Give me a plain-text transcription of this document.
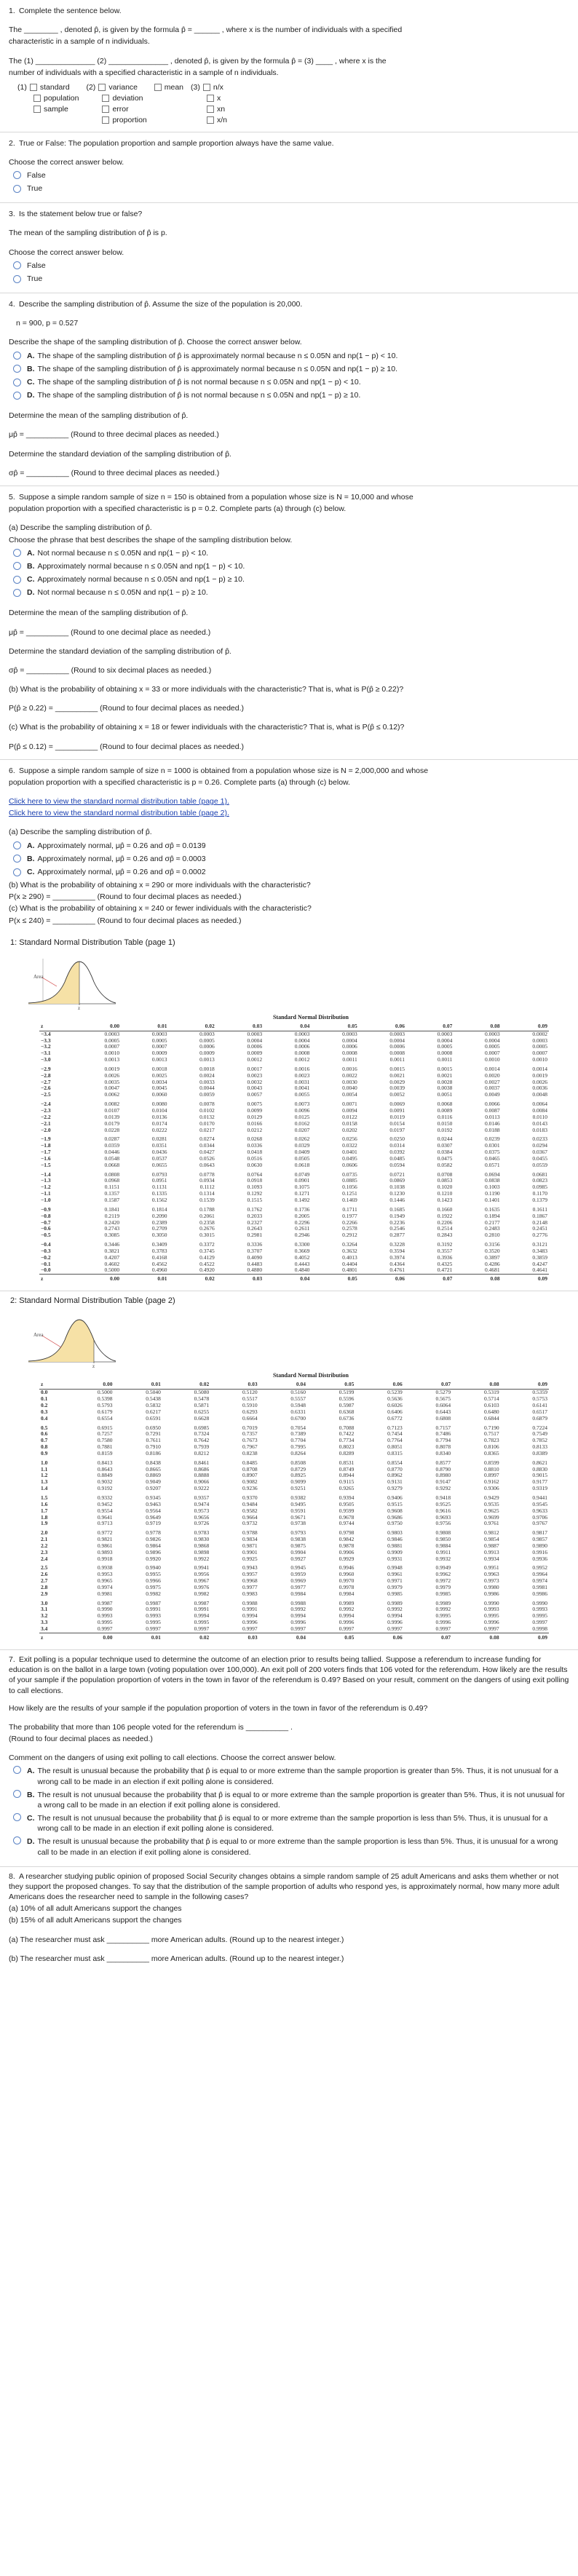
1. Complete the sentence below.
The ________ , denoted p̂, is given by the formula p̂ = ______ , where x is the number of individuals with a specified
characteristic in a sample of n individuals.
The (1) ______________ (2) ______________ , denoted p̂, is given by the formula p̂ = (3) ____ , where x is the
number of individuals with a specified characteristic in a sample of n individuals.
(1) standard
population
sample
(2) variance
deviation
error
proportion
mean (3) n/x
x
xn
x/n
2. True or False: The population proportion and sample proportion always have the same value.
Choose the correct answer below.
False
True
3. Is the statement below true or false?
The mean of the sampling distribution of p̂ is p.
Choose the correct answer below.
False
True
4. Describe the sampling distribution of p̂. Assume the size of the population is 20,000.
n = 900, p = 0.527
Describe the shape of the sampling distribution of p̂. Choose the correct answer below.
A. The shape of the sampling distribution of p̂ is approximately normal because n ≤ 0.05N and np(1 − p) < 10.
B. The shape of the sampling distribution of p̂ is approximately normal because n ≤ 0.05N and np(1 − p) ≥ 10.
C. The shape of the sampling distribution of p̂ is not normal because n ≤ 0.05N and np(1 − p) < 10.
D. The shape of the sampling distribution of p̂ is not normal because n ≤ 0.05N and np(1 − p) ≥ 10.
Determine the mean of the sampling distribution of p̂.
μp̂ = __________ (Round to three decimal places as needed.)
Determine the standard deviation of the sampling distribution of p̂.
σp̂ = __________ (Round to three decimal places as needed.)
5. Suppose a simple random sample of size n = 150 is obtained from a population whose size is N = 10,000 and whose
population proportion with a specified characteristic is p = 0.2. Complete parts (a) through (c) below.
(a) Describe the sampling distribution of p̂.
Choose the phrase that best describes the shape of the sampling distribution below.
A. Not normal because n ≤ 0.05N and np(1 − p) < 10.
B. Approximately normal because n ≤ 0.05N and np(1 − p) < 10.
C. Approximately normal because n ≤ 0.05N and np(1 − p) ≥ 10.
D. Not normal because n ≤ 0.05N and np(1 − p) ≥ 10.
Determine the mean of the sampling distribution of p̂.
μp̂ = __________ (Round to one decimal place as needed.)
Determine the standard deviation of the sampling distribution of p̂.
σp̂ = __________ (Round to six decimal places as needed.)
(b) What is the probability of obtaining x = 33 or more individuals with the characteristic? That is, what is P(p̂ ≥ 0.22)?
P(p̂ ≥ 0.22) = __________ (Round to four decimal places as needed.)
(c) What is the probability of obtaining x = 18 or fewer individuals with the characteristic? That is, what is P(p̂ ≤ 0.12)?
P(p̂ ≤ 0.12) = __________ (Round to four decimal places as needed.)
6. Suppose a simple random sample of size n = 1000 is obtained from a population whose size is N = 2,000,000 and whose
population proportion with a specified characteristic is p = 0.26. Complete parts (a) through (c) below.
Click here to view the standard normal distribution table (page 1).
Click here to view the standard normal distribution table (page 2).
(a) Describe the sampling distribution of p̂.
A. Approximately normal, μp̂ = 0.26 and σp̂ ≈ 0.0139
B. Approximately normal, μp̂ = 0.26 and σp̂ ≈ 0.0003
C. Approximately normal, μp̂ = 0.26 and σp̂ ≈ 0.0002
(b) What is the probability of obtaining x = 290 or more individuals with the characteristic?
P(x ≥ 290) = __________ (Round to four decimal places as needed.)
(c) What is the probability of obtaining x = 240 or fewer individuals with the characteristic?
P(x ≤ 240) = __________ (Round to four decimal places as needed.)
1: Standard Normal Distribution Table (page 1)
Area
z
Standard Normal Distribution
z	0.00	0.01	0.02	0.03	0.04	0.05	0.06	0.07	0.08	0.09
−3.4	0.0003	0.0003	0.0003	0.0003	0.0003	0.0003	0.0003	0.0003	0.0003	0.0002
−3.3	0.0005	0.0005	0.0005	0.0004	0.0004	0.0004	0.0004	0.0004	0.0004	0.0003
−3.2	0.0007	0.0007	0.0006	0.0006	0.0006	0.0006	0.0006	0.0005	0.0005	0.0005
−3.1	0.0010	0.0009	0.0009	0.0009	0.0008	0.0008	0.0008	0.0008	0.0007	0.0007
−3.0	0.0013	0.0013	0.0013	0.0012	0.0012	0.0011	0.0011	0.0011	0.0010	0.0010
−2.9	0.0019	0.0018	0.0018	0.0017	0.0016	0.0016	0.0015	0.0015	0.0014	0.0014
−2.8	0.0026	0.0025	0.0024	0.0023	0.0023	0.0022	0.0021	0.0021	0.0020	0.0019
−2.7	0.0035	0.0034	0.0033	0.0032	0.0031	0.0030	0.0029	0.0028	0.0027	0.0026
−2.6	0.0047	0.0045	0.0044	0.0043	0.0041	0.0040	0.0039	0.0038	0.0037	0.0036
−2.5	0.0062	0.0060	0.0059	0.0057	0.0055	0.0054	0.0052	0.0051	0.0049	0.0048
−2.4	0.0082	0.0080	0.0078	0.0075	0.0073	0.0071	0.0069	0.0068	0.0066	0.0064
−2.3	0.0107	0.0104	0.0102	0.0099	0.0096	0.0094	0.0091	0.0089	0.0087	0.0084
−2.2	0.0139	0.0136	0.0132	0.0129	0.0125	0.0122	0.0119	0.0116	0.0113	0.0110
−2.1	0.0179	0.0174	0.0170	0.0166	0.0162	0.0158	0.0154	0.0150	0.0146	0.0143
−2.0	0.0228	0.0222	0.0217	0.0212	0.0207	0.0202	0.0197	0.0192	0.0188	0.0183
−1.9	0.0287	0.0281	0.0274	0.0268	0.0262	0.0256	0.0250	0.0244	0.0239	0.0233
−1.8	0.0359	0.0351	0.0344	0.0336	0.0329	0.0322	0.0314	0.0307	0.0301	0.0294
−1.7	0.0446	0.0436	0.0427	0.0418	0.0409	0.0401	0.0392	0.0384	0.0375	0.0367
−1.6	0.0548	0.0537	0.0526	0.0516	0.0505	0.0495	0.0485	0.0475	0.0465	0.0455
−1.5	0.0668	0.0655	0.0643	0.0630	0.0618	0.0606	0.0594	0.0582	0.0571	0.0559
−1.4	0.0808	0.0793	0.0778	0.0764	0.0749	0.0735	0.0721	0.0708	0.0694	0.0681
−1.3	0.0968	0.0951	0.0934	0.0918	0.0901	0.0885	0.0869	0.0853	0.0838	0.0823
−1.2	0.1151	0.1131	0.1112	0.1093	0.1075	0.1056	0.1038	0.1020	0.1003	0.0985
−1.1	0.1357	0.1335	0.1314	0.1292	0.1271	0.1251	0.1230	0.1210	0.1190	0.1170
−1.0	0.1587	0.1562	0.1539	0.1515	0.1492	0.1469	0.1446	0.1423	0.1401	0.1379
−0.9	0.1841	0.1814	0.1788	0.1762	0.1736	0.1711	0.1685	0.1660	0.1635	0.1611
−0.8	0.2119	0.2090	0.2061	0.2033	0.2005	0.1977	0.1949	0.1922	0.1894	0.1867
−0.7	0.2420	0.2389	0.2358	0.2327	0.2296	0.2266	0.2236	0.2206	0.2177	0.2148
−0.6	0.2743	0.2709	0.2676	0.2643	0.2611	0.2578	0.2546	0.2514	0.2483	0.2451
−0.5	0.3085	0.3050	0.3015	0.2981	0.2946	0.2912	0.2877	0.2843	0.2810	0.2776
−0.4	0.3446	0.3409	0.3372	0.3336	0.3300	0.3264	0.3228	0.3192	0.3156	0.3121
−0.3	0.3821	0.3783	0.3745	0.3707	0.3669	0.3632	0.3594	0.3557	0.3520	0.3483
−0.2	0.4207	0.4168	0.4129	0.4090	0.4052	0.4013	0.3974	0.3936	0.3897	0.3859
−0.1	0.4602	0.4562	0.4522	0.4483	0.4443	0.4404	0.4364	0.4325	0.4286	0.4247
−0.0	0.5000	0.4960	0.4920	0.4880	0.4840	0.4801	0.4761	0.4721	0.4681	0.4641
z	0.00	0.01	0.02	0.03	0.04	0.05	0.06	0.07	0.08	0.09
2: Standard Normal Distribution Table (page 2)
Area
z
Standard Normal Distribution
z	0.00	0.01	0.02	0.03	0.04	0.05	0.06	0.07	0.08	0.09
0.0	0.5000	0.5040	0.5080	0.5120	0.5160	0.5199	0.5239	0.5279	0.5319	0.5359
0.1	0.5398	0.5438	0.5478	0.5517	0.5557	0.5596	0.5636	0.5675	0.5714	0.5753
0.2	0.5793	0.5832	0.5871	0.5910	0.5948	0.5987	0.6026	0.6064	0.6103	0.6141
0.3	0.6179	0.6217	0.6255	0.6293	0.6331	0.6368	0.6406	0.6443	0.6480	0.6517
0.4	0.6554	0.6591	0.6628	0.6664	0.6700	0.6736	0.6772	0.6808	0.6844	0.6879
0.5	0.6915	0.6950	0.6985	0.7019	0.7054	0.7088	0.7123	0.7157	0.7190	0.7224
0.6	0.7257	0.7291	0.7324	0.7357	0.7389	0.7422	0.7454	0.7486	0.7517	0.7549
0.7	0.7580	0.7611	0.7642	0.7673	0.7704	0.7734	0.7764	0.7794	0.7823	0.7852
0.8	0.7881	0.7910	0.7939	0.7967	0.7995	0.8023	0.8051	0.8078	0.8106	0.8133
0.9	0.8159	0.8186	0.8212	0.8238	0.8264	0.8289	0.8315	0.8340	0.8365	0.8389
1.0	0.8413	0.8438	0.8461	0.8485	0.8508	0.8531	0.8554	0.8577	0.8599	0.8621
1.1	0.8643	0.8665	0.8686	0.8708	0.8729	0.8749	0.8770	0.8790	0.8810	0.8830
1.2	0.8849	0.8869	0.8888	0.8907	0.8925	0.8944	0.8962	0.8980	0.8997	0.9015
1.3	0.9032	0.9049	0.9066	0.9082	0.9099	0.9115	0.9131	0.9147	0.9162	0.9177
1.4	0.9192	0.9207	0.9222	0.9236	0.9251	0.9265	0.9279	0.9292	0.9306	0.9319
1.5	0.9332	0.9345	0.9357	0.9370	0.9382	0.9394	0.9406	0.9418	0.9429	0.9441
1.6	0.9452	0.9463	0.9474	0.9484	0.9495	0.9505	0.9515	0.9525	0.9535	0.9545
1.7	0.9554	0.9564	0.9573	0.9582	0.9591	0.9599	0.9608	0.9616	0.9625	0.9633
1.8	0.9641	0.9649	0.9656	0.9664	0.9671	0.9678	0.9686	0.9693	0.9699	0.9706
1.9	0.9713	0.9719	0.9726	0.9732	0.9738	0.9744	0.9750	0.9756	0.9761	0.9767
2.0	0.9772	0.9778	0.9783	0.9788	0.9793	0.9798	0.9803	0.9808	0.9812	0.9817
2.1	0.9821	0.9826	0.9830	0.9834	0.9838	0.9842	0.9846	0.9850	0.9854	0.9857
2.2	0.9861	0.9864	0.9868	0.9871	0.9875	0.9878	0.9881	0.9884	0.9887	0.9890
2.3	0.9893	0.9896	0.9898	0.9901	0.9904	0.9906	0.9909	0.9911	0.9913	0.9916
2.4	0.9918	0.9920	0.9922	0.9925	0.9927	0.9929	0.9931	0.9932	0.9934	0.9936
2.5	0.9938	0.9940	0.9941	0.9943	0.9945	0.9946	0.9948	0.9949	0.9951	0.9952
2.6	0.9953	0.9955	0.9956	0.9957	0.9959	0.9960	0.9961	0.9962	0.9963	0.9964
2.7	0.9965	0.9966	0.9967	0.9968	0.9969	0.9970	0.9971	0.9972	0.9973	0.9974
2.8	0.9974	0.9975	0.9976	0.9977	0.9977	0.9978	0.9979	0.9979	0.9980	0.9981
2.9	0.9981	0.9982	0.9982	0.9983	0.9984	0.9984	0.9985	0.9985	0.9986	0.9986
3.0	0.9987	0.9987	0.9987	0.9988	0.9988	0.9989	0.9989	0.9989	0.9990	0.9990
3.1	0.9990	0.9991	0.9991	0.9991	0.9992	0.9992	0.9992	0.9992	0.9993	0.9993
3.2	0.9993	0.9993	0.9994	0.9994	0.9994	0.9994	0.9994	0.9995	0.9995	0.9995
3.3	0.9995	0.9995	0.9995	0.9996	0.9996	0.9996	0.9996	0.9996	0.9996	0.9997
3.4	0.9997	0.9997	0.9997	0.9997	0.9997	0.9997	0.9997	0.9997	0.9997	0.9998
z	0.00	0.01	0.02	0.03	0.04	0.05	0.06	0.07	0.08	0.09
7. Exit polling is a popular technique used to determine the outcome of an election prior to results being tallied. Suppose a referendum to increase funding for education is on the ballot in a large town (voting population over 100,000). An exit poll of 200 voters finds that 106 voted for the referendum. How likely are the results of your sample if the population proportion of voters in the town in favor of the referendum is 0.49? Based on your result, comment on the dangers of using exit polling to call elections.
How likely are the results of your sample if the population proportion of voters in the town in favor of the referendum is 0.49?
The probability that more than 106 people voted for the referendum is __________ .
(Round to four decimal places as needed.)
Comment on the dangers of using exit polling to call elections. Choose the correct answer below.
A. The result is unusual because the probability that p̂ is equal to or more extreme than the sample proportion is greater than 5%. Thus, it is not unusual for a wrong call to be made in an election if exit polling alone is considered.
B. The result is not unusual because the probability that p̂ is equal to or more extreme than the sample proportion is greater than 5%. Thus, it is not unusual for a wrong call to be made in an election if exit polling alone is considered.
C. The result is not unusual because the probability that p̂ is equal to or more extreme than the sample proportion is less than 5%. Thus, it is unusual for a wrong call to be made in an election if exit polling alone is considered.
D. The result is unusual because the probability that p̂ is equal to or more extreme than the sample proportion is less than 5%. Thus, it is unusual for a wrong call to be made in an election if exit polling alone is considered.
8. A researcher studying public opinion of proposed Social Security changes obtains a simple random sample of 25 adult Americans and asks them whether or not they support the proposed changes. To say that the distribution of the sample proportion of adults who respond yes, is approximately normal, how many more adult Americans does the researcher need to sample in the following cases?
(a) 10% of all adult Americans support the changes
(b) 15% of all adult Americans support the changes
(a) The researcher must ask __________ more American adults. (Round up to the nearest integer.)
(b) The researcher must ask __________ more American adults. (Round up to the nearest integer.)
